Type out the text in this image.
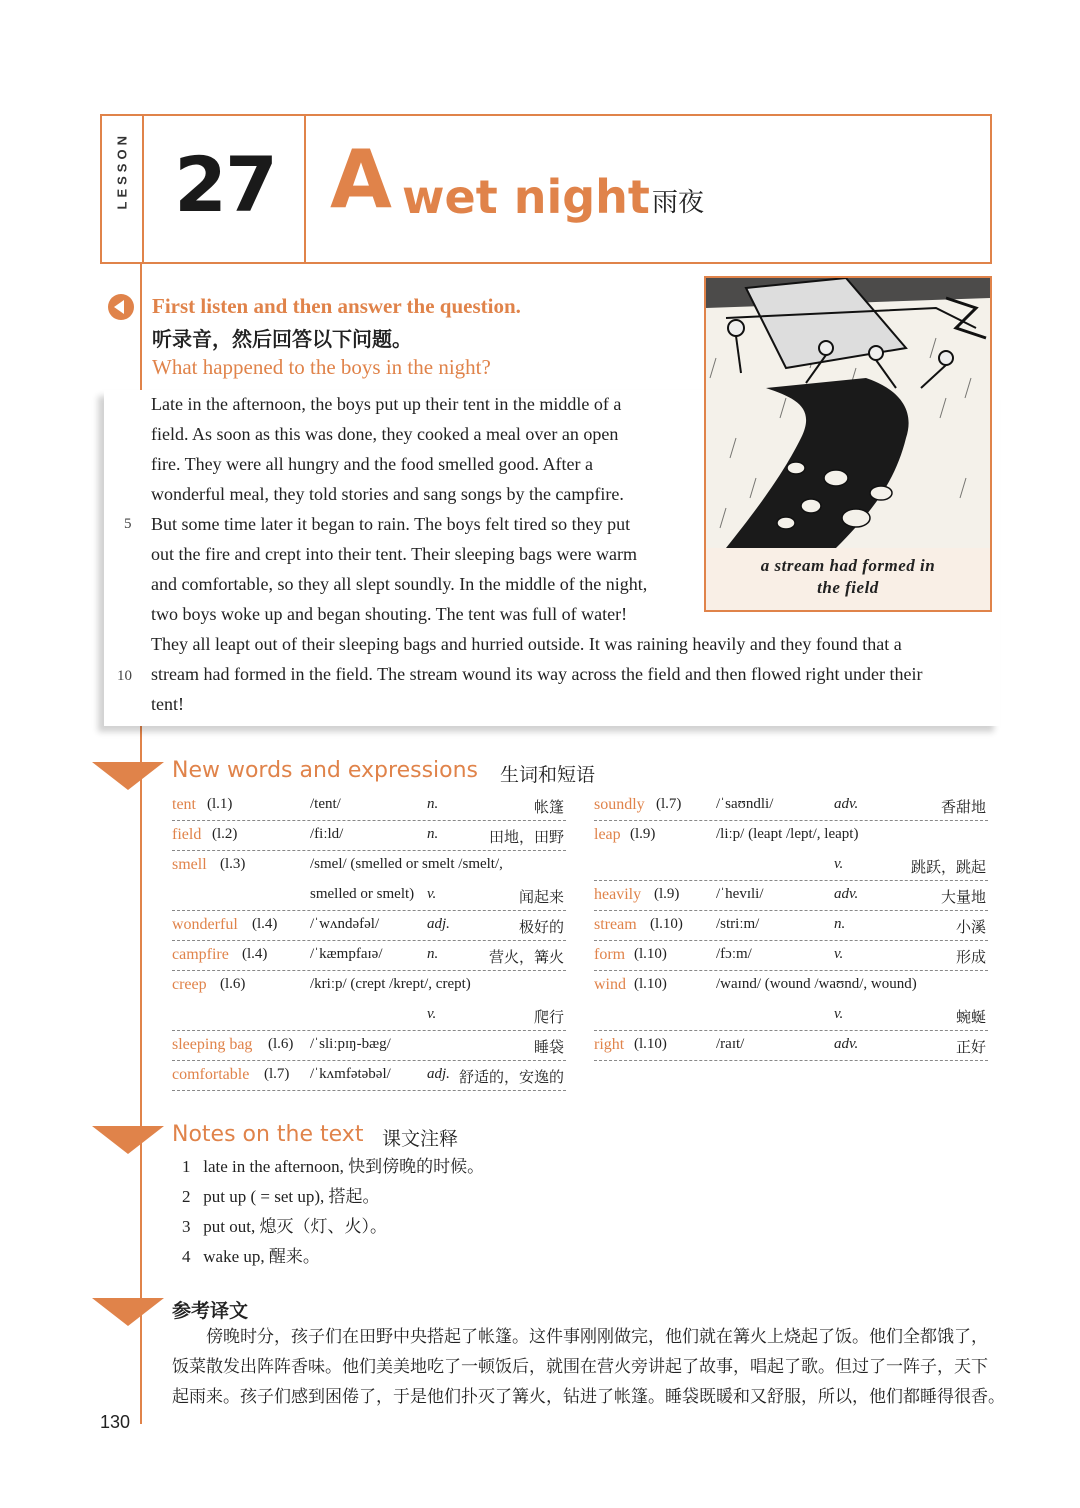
LESSON 27 A wet night 雨夜
First listen and then answer the question.
听录音，然后回答以下问题。
What happened to the boys in the night?
Late in the afternoon, the boys put up their tent in the middle of a
field. As soon as this was done, they cooked a meal over an open
fire. They were all hungry and the food smelled good. After a
wonderful meal, they told stories and sang songs by the campfire.
But some time later it began to rain. The boys felt tired so they put
out the fire and crept into their tent. Their sleeping bags were warm
and comfortable, so they all slept soundly. In the middle of the night,
two boys woke up and began shouting. The tent was full of water!
They all leapt out of their sleeping bags and hurried outside. It was raining heavily and they found that a
stream had formed in the field. The stream wound its way across the field and then flowed right under their
tent!
5
10
a stream had formed in
the field
New words and expressions 生词和短语
tent (l.1)	/tent/	n.	帐篷
field (l.2)	/fiːld/	n.	田地，田野
smell (l.3)	/smel/ (smelled or smelt /smelt/,
smelled or smelt) v.	闻起来
wonderful (l.4) /ˈwʌndəfəl/	adj.	极好的
campfire (l.4)	/ˈkæmpfaɪə/	n.	营火，篝火
creep (l.6)	/kriːp/ (crept /krept/, crept)
v.	爬行
sleeping bag (l.6) /ˈsliːpɪŋ-bæg/	睡袋
comfortable (l.7) /ˈkʌmfətəbəl/ adj. 舒适的，安逸的
soundly (l.7) /ˈsaʊndli/	adv.	香甜地
leap (l.9)	/liːp/ (leapt /lept/, leapt)
v.	跳跃，跳起
heavily (l.9) /ˈhevɪli/	adv.	大量地
stream (l.10) /striːm/	n.	小溪
form (l.10)	/fɔːm/	v.	形成
wind (l.10)	/waɪnd/ (wound /waʊnd/, wound)
v.	蜿蜒
right (l.10)	/raɪt/	adv.	正好
Notes on the text 课文注释
1 late in the afternoon, 快到傍晚的时候。
2 put up ( = set up), 搭起。
3 put out, 熄灭（灯、火）。
4 wake up, 醒来。
参考译文
　　傍晚时分，孩子们在田野中央搭起了帐篷。这件事刚刚做完，他们就在篝火上烧起了饭。他们全都饿了，
饭菜散发出阵阵香味。他们美美地吃了一顿饭后，就围在营火旁讲起了故事，唱起了歌。但过了一阵子，天下
起雨来。孩子们感到困倦了，于是他们扑灭了篝火，钻进了帐篷。睡袋既暖和又舒服，所以，他们都睡得很香。
130
